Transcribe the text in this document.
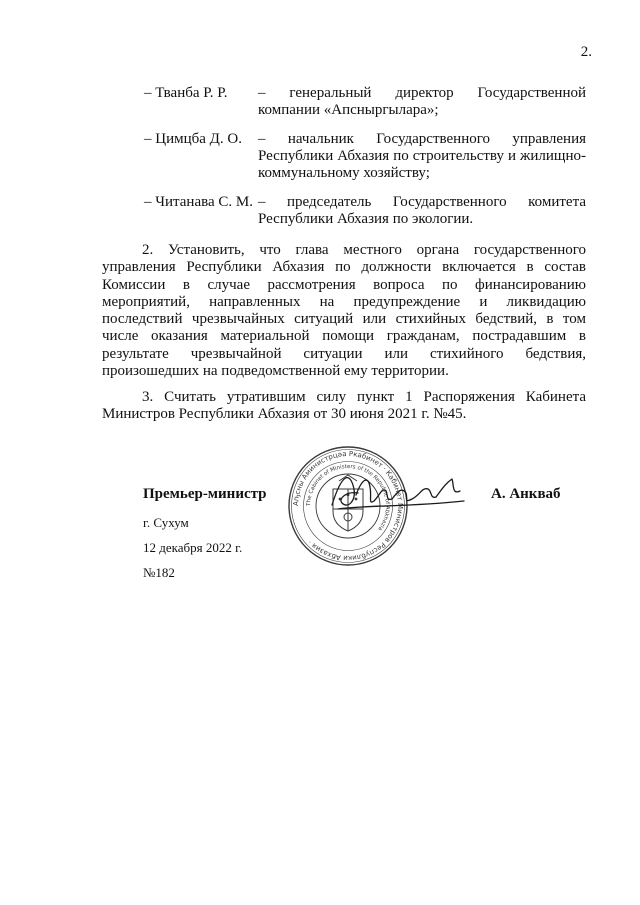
2.
– Тванба Р. Р.	– генеральный директор Государственной компании «Апсныргылара»;
– Цимцба Д. О.	– начальник Государственного управления Республики Абхазия по строительству и жилищно-коммунальному хозяйству;
– Читанава С. М. – председатель Государственного комитета Республики Абхазия по экологии.

2. Установить, что глава местного органа государственного управления Республики Абхазия по должности включается в состав Комиссии в случае рассмотрения вопроса по финансированию мероприятий, направленных на предупреждение и ликвидацию последствий чрезвычайных ситуаций или стихийных бедствий, в том числе оказания материальной помощи гражданам, пострадавшим в результате чрезвычайной ситуации или стихийного бедствия, произошедших на подведомственной ему территории.

3. Считать утратившим силу пункт 1 Распоряжения Кабинета Министров Республики Абхазия от 30 июня 2021 г. №45.

Аҧсны Аминистрцәа Ркабинет · Кабинет Министров Республики Абхазия ·
The Cabinet of Ministers of the Republic of Abkhazia
Премьер-министр	А. Анкваб
г. Сухум
12 декабря 2022 г.
№182
